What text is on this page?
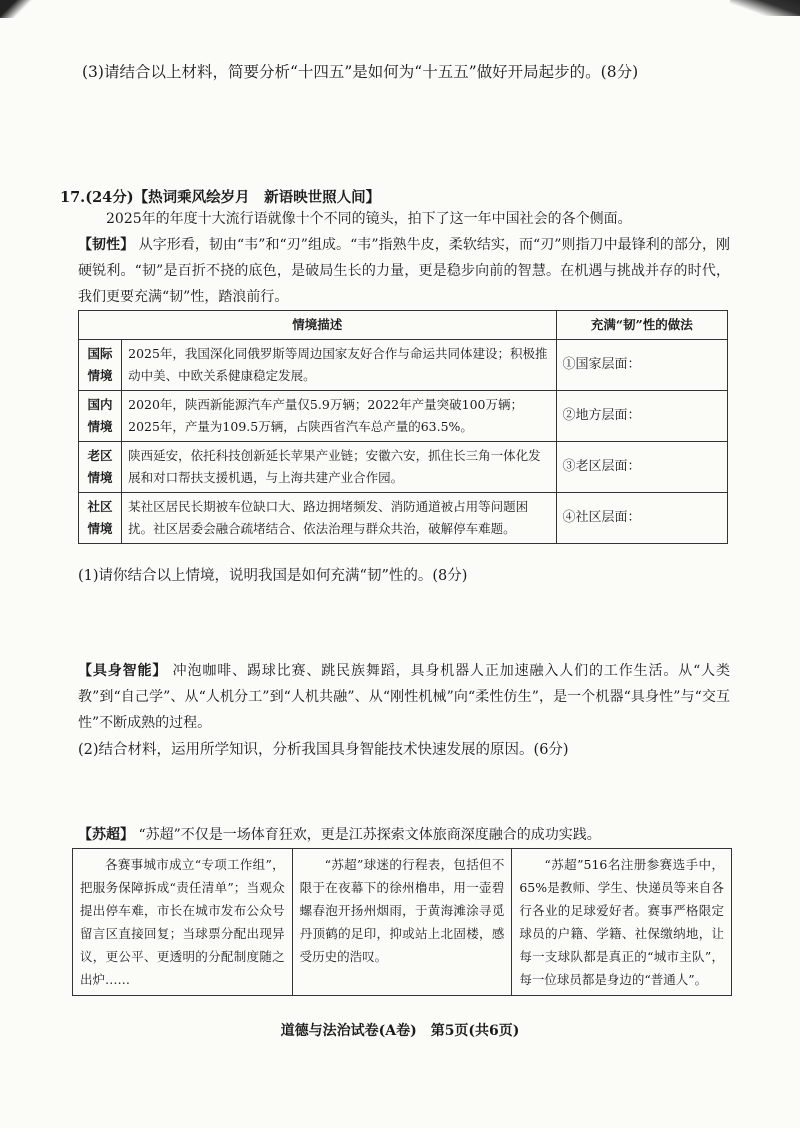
(3)请结合以上材料，简要分析“十四五”是如何为“十五五”做好开局起步的。(8分)
17.(24分)【热词乘风绘岁月　新语映世照人间】
2025年的年度十大流行语就像十个不同的镜头，拍下了这一年中国社会的各个侧面。
【韧性】 从字形看，韧由“韦”和“刃”组成。“韦”指熟牛皮，柔软结实，而“刃”则指刀中最锋利的部分，刚硬锐利。“韧”是百折不挠的底色，是破局生长的力量，更是稳步向前的智慧。在机遇与挑战并存的时代，我们更要充满“韧”性，踏浪前行。
情境描述		充满“韧”性的做法
国际情境	2025年，我国深化同俄罗斯等周边国家友好合作与命运共同体建设；积极推动中美、中欧关系健康稳定发展。	①国家层面：
国内情境	2020年，陕西新能源汽车产量仅5.9万辆；2022年产量突破100万辆；2025年，产量为109.5万辆，占陕西省汽车总产量的63.5%。	②地方层面：
老区情境	陕西延安，依托科技创新延长苹果产业链；安徽六安，抓住长三角一体化发展和对口帮扶支援机遇，与上海共建产业合作园。	③老区层面：
社区情境	某社区居民长期被车位缺口大、路边拥堵频发、消防通道被占用等问题困扰。社区居委会融合疏堵结合、依法治理与群众共治，破解停车难题。	④社区层面：
(1)请你结合以上情境，说明我国是如何充满“韧”性的。(8分)
【具身智能】 冲泡咖啡、踢球比赛、跳民族舞蹈，具身机器人正加速融入人们的工作生活。从“人类教”到“自己学”、从“人机分工”到“人机共融”、从“刚性机械”向“柔性仿生”，是一个机器“具身性”与“交互性”不断成熟的过程。
(2)结合材料，运用所学知识，分析我国具身智能技术快速发展的原因。(6分)
【苏超】 “苏超”不仅是一场体育狂欢，更是江苏探索文体旅商深度融合的成功实践。
各赛事城市成立“专项工作组”，把服务保障拆成“责任清单”；当观众提出停车难，市长在城市发布公众号留言区直接回复；当球票分配出现异议，更公平、更透明的分配制度随之出炉……
“苏超”球迷的行程表，包括但不限于在夜幕下的徐州橹串，用一壶碧螺春泡开扬州烟雨，于黄海滩涂寻觅丹顶鹤的足印，抑或站上北固楼，感受历史的浩叹。
“苏超”516名注册参赛选手中，65%是教师、学生、快递员等来自各行各业的足球爱好者。赛事严格限定球员的户籍、学籍、社保缴纳地，让每一支球队都是真正的“城市主队”，每一位球员都是身边的“普通人”。
道德与法治试卷(A卷)　第5页(共6页)
